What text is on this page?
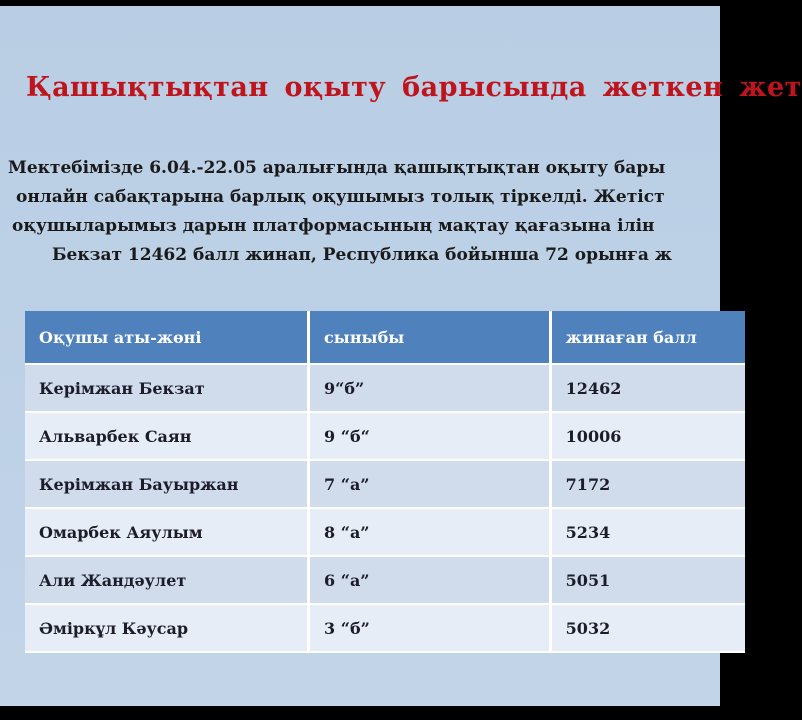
Қашықтықтан оқыту барысында жеткен жет
Мектебімізде 6.04.-22.05 аралығында қашықтықтан оқыту бары
онлайн сабақтарына барлық оқушымыз толық тіркелді. Жетіст
оқушыларымыз дарын платформасының мақтау қағазына ілін
Бекзат 12462 балл жинап, Республика бойынша 72 орынға ж
Оқушы аты-жөні	сыныбы	жинаған балл
Керімжан Бекзат	9“б”	12462
Альварбек Саян	9 “б“	10006
Керімжан Бауыржан	7 “а”	7172
Омарбек Аяулым	8 “а”	5234
Али Жандәулет	6 “а”	5051
Әміркұл Кәусар	3 “б”	5032
